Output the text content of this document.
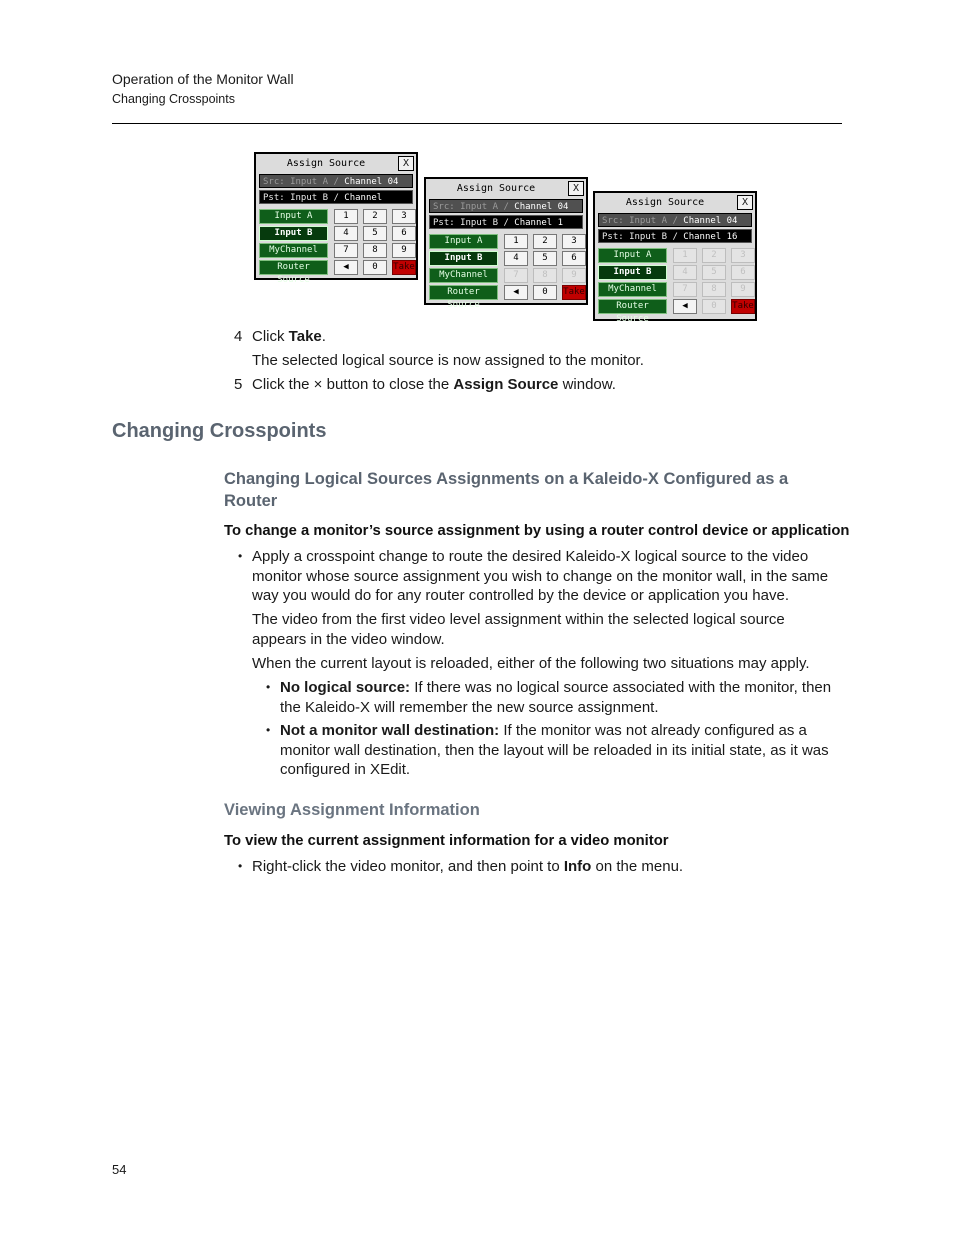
Operation of the Monitor Wall
Changing Crosspoints
Assign Source	X
Src: Input A / Channel 04
Pst: Input B / Channel
Input A
Input B
MyChannel
Router Source
1	2	3
4	5	6
7	8	9
◀	0	Take
Assign Source	X
Src: Input A / Channel 04
Pst: Input B / Channel 1
Input A
Input B
MyChannel
Router Source
1	2	3
4	5	6
7	8	9
◀	0	Take
Assign Source	X
Src: Input A / Channel 04
Pst: Input B / Channel 16
Input A
Input B
MyChannel
Router Source
1	2	3
4	5	6
7	8	9
◀	0	Take
4 Click Take.
The selected logical source is now assigned to the monitor.
5 Click the × button to close the Assign Source window.
Changing Crosspoints
Changing Logical Sources Assignments on a Kaleido-X Configured as a Router
To change a monitor’s source assignment by using a router control device or application
• Apply a crosspoint change to route the desired Kaleido-X logical source to the video monitor whose source assignment you wish to change on the monitor wall, in the same way you would do for any router controlled by the device or application you have.
The video from the first video level assignment within the selected logical source appears in the video window.
When the current layout is reloaded, either of the following two situations may apply.
• No logical source: If there was no logical source associated with the monitor, then the Kaleido-X will remember the new source assignment.
• Not a monitor wall destination: If the monitor was not already configured as a monitor wall destination, then the layout will be reloaded in its initial state, as it was configured in XEdit.
Viewing Assignment Information
To view the current assignment information for a video monitor
• Right-click the video monitor, and then point to Info on the menu.
54
